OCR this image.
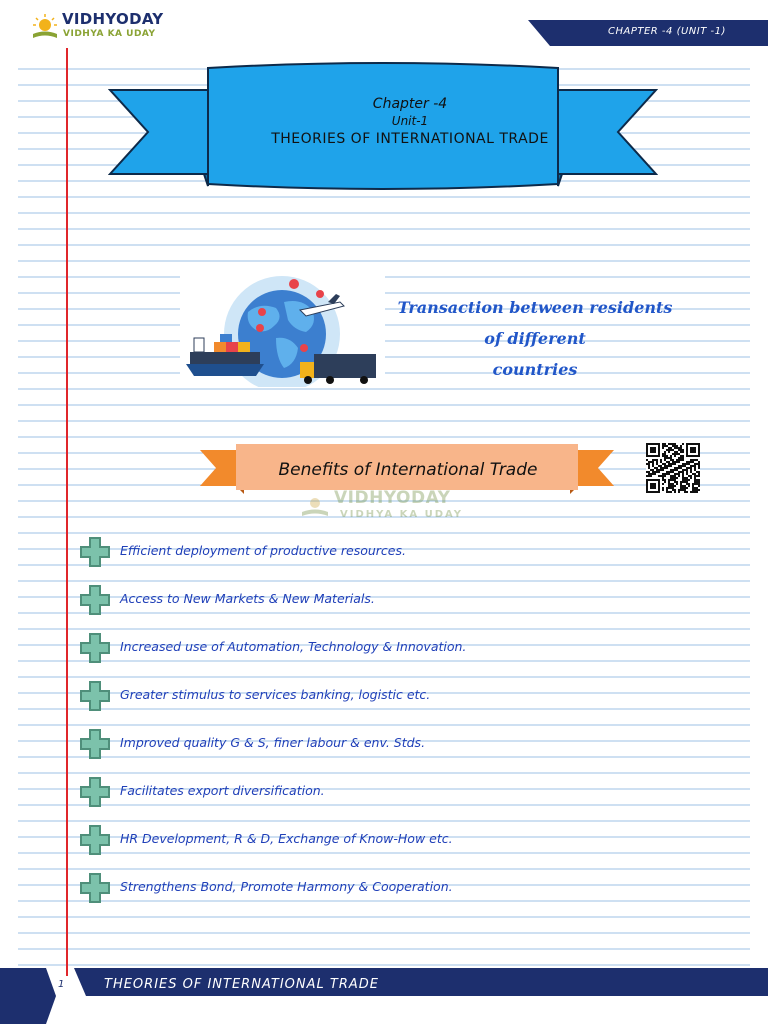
VIDHYODAY
VIDHYA KA UDAY	CHAPTER -4 (UNIT -1)
Chapter -4
Unit-1
THEORIES OF INTERNATIONAL TRADE
Transaction between residents
of different
countries
Benefits of International Trade
VIDHYODAY
VIDHYA KA UDAY
Efficient deployment of productive resources.
Access to New Markets & New Materials.
Increased use of Automation, Technology & Innovation.
Greater stimulus to services banking, logistic etc.
Improved quality G & S, finer labour & env. Stds.
Facilitates export diversification.
HR Development, R & D, Exchange of Know-How etc.
Strengthens Bond, Promote Harmony & Cooperation.
1	THEORIES OF INTERNATIONAL TRADE
